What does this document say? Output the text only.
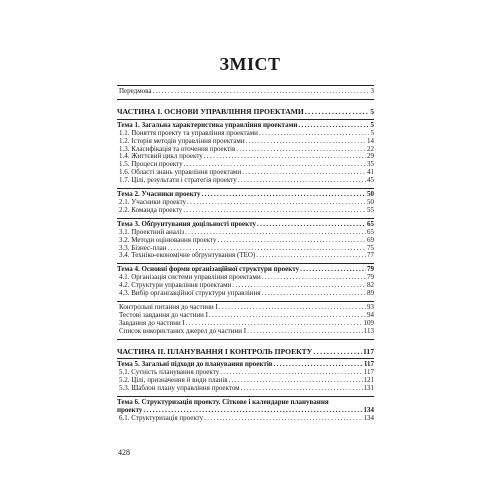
ЗМІСТ
Передмова . . .	3
ЧАСТИНА І. ОСНОВИ УПРАВЛІННЯ ПРОЕКТАМИ . . .	5
Тема 1. Загальна характеристика управління проектами . . .	5
1.1. Поняття проекту та управління проектами . . .	5
1.2. Історія методів управління проектами . . .	14
1.3. Класифікація та оточення проектів . . .	22
1.4. Життєвий цикл проекту . . .	29
1.5. Процеси проекту . . .	35
1.6. Області знань управління проектами . . .	41
1.7. Цілі, результати і стратегія проекту . . .	45
Тема 2. Учасники проекту . . .	50
2.1. Учасники проекту . . .	50
2.2. Команда проекту . . .	55
Тема 3. Обґрунтування доцільності проекту . . .	65
3.1. Проектний аналіз . . .	65
3.2. Методи оцінювання проекту . . .	69
3.3. Бізнес-план . . .	75
3.4. Техніко-економічне обґрунтування (ТЕО) . . .	77
Тема 4. Основні форми організаційної структури проекту . . .	79
4.1. Організація системи управління проектами . . .	79
4.2. Структури управління проектами . . .	82
4.3. Вибір організаційної структури управління . . .	89
Контрольні питання до частини I . . .	93
Тестові завдання до частини I . . .	94
Завдання до частини I . . .	109
Список використаних джерел до частини I . . .	113
ЧАСТИНА ІІ. ПЛАНУВАННЯ І КОНТРОЛЬ ПРОЕКТУ . . .	117
Тема 5. Загальні підходи до планування проектів . . .	117
5.1. Сутність планування проекту . . .	117
5.2. Цілі, призначення й види планів . . .	121
5.3. Шаблон плану управління проектом . . .	131
Тема 6. Структуризація проекту. Сіткове і календарне планування
проекту . . .	134
6.1. Структуризація проекту . . .	134
428
